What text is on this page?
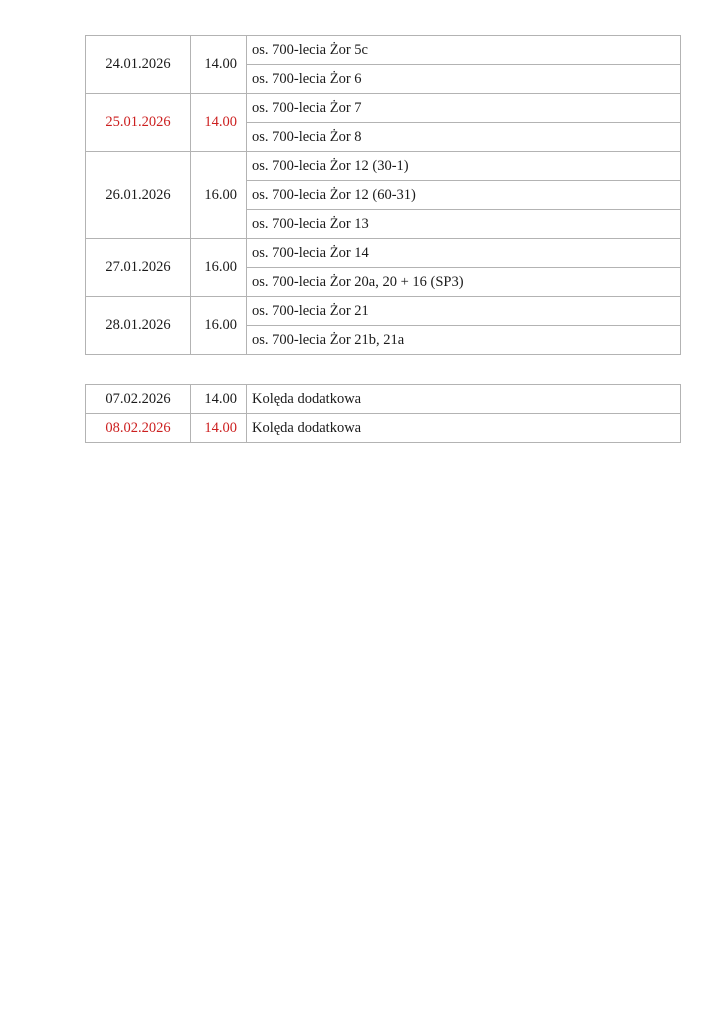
24.01.2026	14.00	os. 700-lecia Żor 5c
		os. 700-lecia Żor 6
25.01.2026	14.00	os. 700-lecia Żor 7
		os. 700-lecia Żor 8
26.01.2026	16.00	os. 700-lecia Żor 12 (30-1)
		os. 700-lecia Żor 12 (60-31)
		os. 700-lecia Żor 13
27.01.2026	16.00	os. 700-lecia Żor 14
		os. 700-lecia Żor 20a, 20 + 16 (SP3)
28.01.2026	16.00	os. 700-lecia Żor 21
		os. 700-lecia Żor 21b, 21a
07.02.2026	14.00	Kolęda dodatkowa
08.02.2026	14.00	Kolęda dodatkowa
